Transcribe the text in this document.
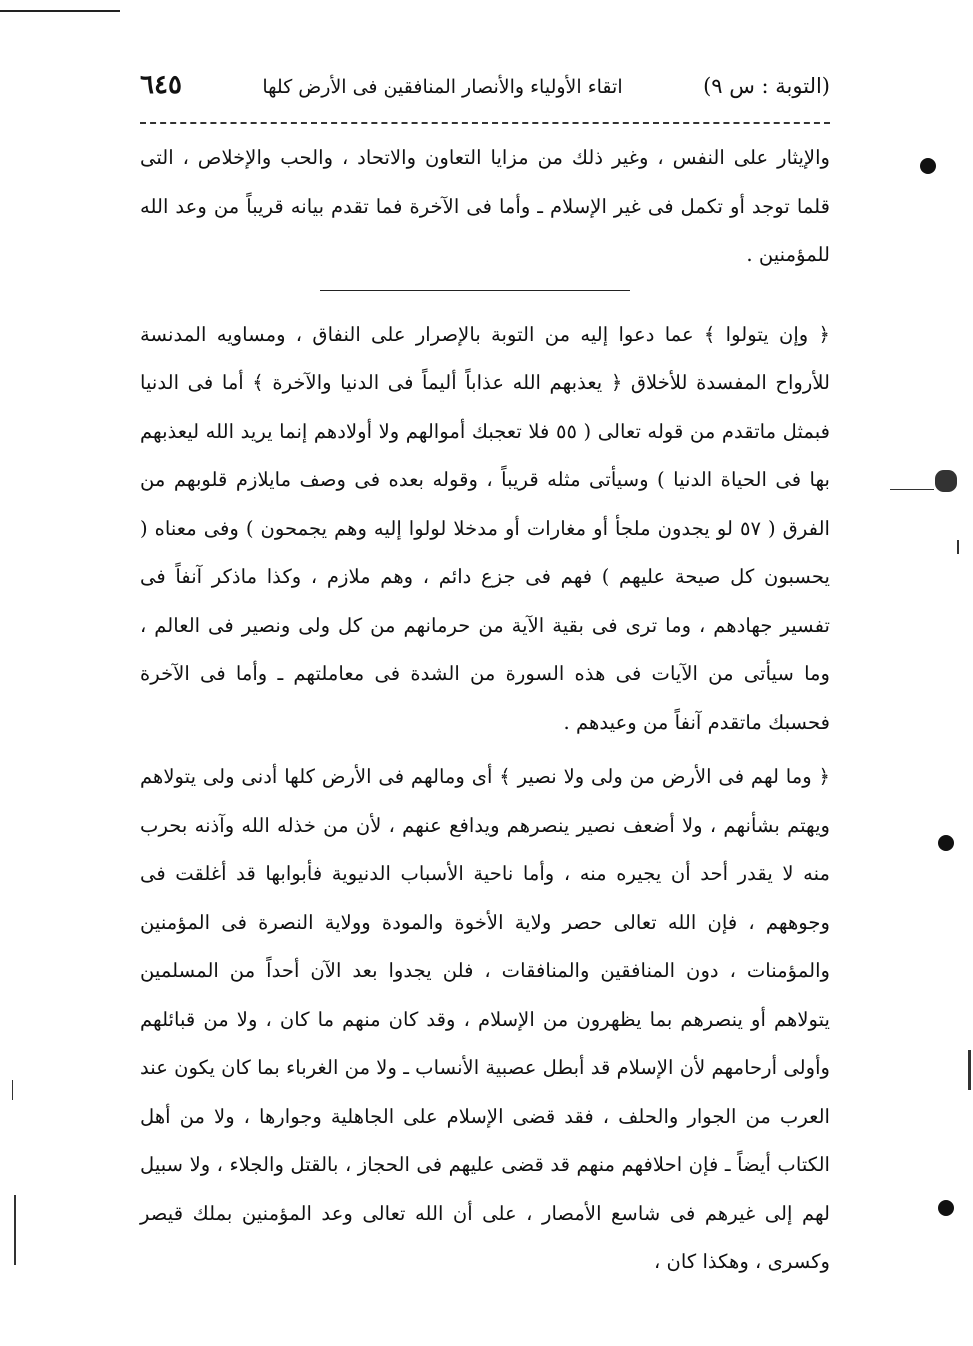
(التوبة : س ٩)
اتقاء الأولياء والأنصار المنافقين فى الأرض كلها
٦٤٥

والإيثار على النفس ، وغير ذلك من مزايا التعاون والاتحاد ، والحب والإخلاص ، التى قلما توجد أو تكمل فى غير الإسلام ـ وأما فى الآخرة فما تقدم بيانه قريباً من وعد الله للمؤمنين .

﴿ وإن يتولوا ﴾ عما دعوا إليه من التوبة بالإصرار على النفاق ، ومساويه المدنسة للأرواح المفسدة للأخلاق ﴿ يعذبهم الله عذاباً أليماً فى الدنيا والآخرة ﴾ أما فى الدنيا فبمثل ماتقدم من قوله تعالى ( ٥٥ فلا تعجبك أموالهم ولا أولادهم إنما يريد الله ليعذبهم بها فى الحياة الدنيا ) وسيأتى مثله قريباً ، وقوله بعده فى وصف مايلازم قلوبهم من الفرق ( ٥٧ لو يجدون ملجأ أو مغارات أو مدخلا لولوا إليه وهم يجمحون ) وفى معناه ( يحسبون كل صيحة عليهم ) فهم فى جزع دائم ، وهم ملازم ، وكذا ماذكر آنفاً فى تفسير جهادهم ، وما ترى فى بقية الآية من حرمانهم من كل ولى ونصير فى العالم ، وما سيأتى من الآيات فى هذه السورة من الشدة فى معاملتهم ـ وأما فى الآخرة فحسبك ماتقدم آنفاً من وعيدهم .

﴿ وما لهم فى الأرض من ولى ولا نصير ﴾ أى ومالهم فى الأرض كلها أدنى ولى يتولاهم ويهتم بشأنهم ، ولا أضعف نصير ينصرهم ويدافع عنهم ، لأن من خذله الله وآذنه بحرب منه لا يقدر أحد أن يجيره منه ، وأما ناحية الأسباب الدنيوية فأبوابها قد أغلقت فى وجوههم ، فإن الله تعالى حصر ولاية الأخوة والمودة وولاية النصرة فى المؤمنين والمؤمنات ، دون المنافقين والمنافقات ، فلن يجدوا بعد الآن أحداً من المسلمين يتولاهم أو ينصرهم بما يظهرون من الإسلام ، وقد كان منهم ما كان ، ولا من قبائلهم وأولى أرحامهم لأن الإسلام قد أبطل عصبية الأنساب ـ ولا من الغرباء بما كان يكون عند العرب من الجوار والحلف ، فقد قضى الإسلام على الجاهلية وجوارها ، ولا من أهل الكتاب أيضاً ـ فإن احلافهم منهم قد قضى عليهم فى الحجاز ، بالقتل والجلاء ، ولا سبيل لهم إلى غيرهم فى شاسع الأمصار ، على أن الله تعالى وعد المؤمنين بملك قيصر وكسرى ، وهكذا كان ،
